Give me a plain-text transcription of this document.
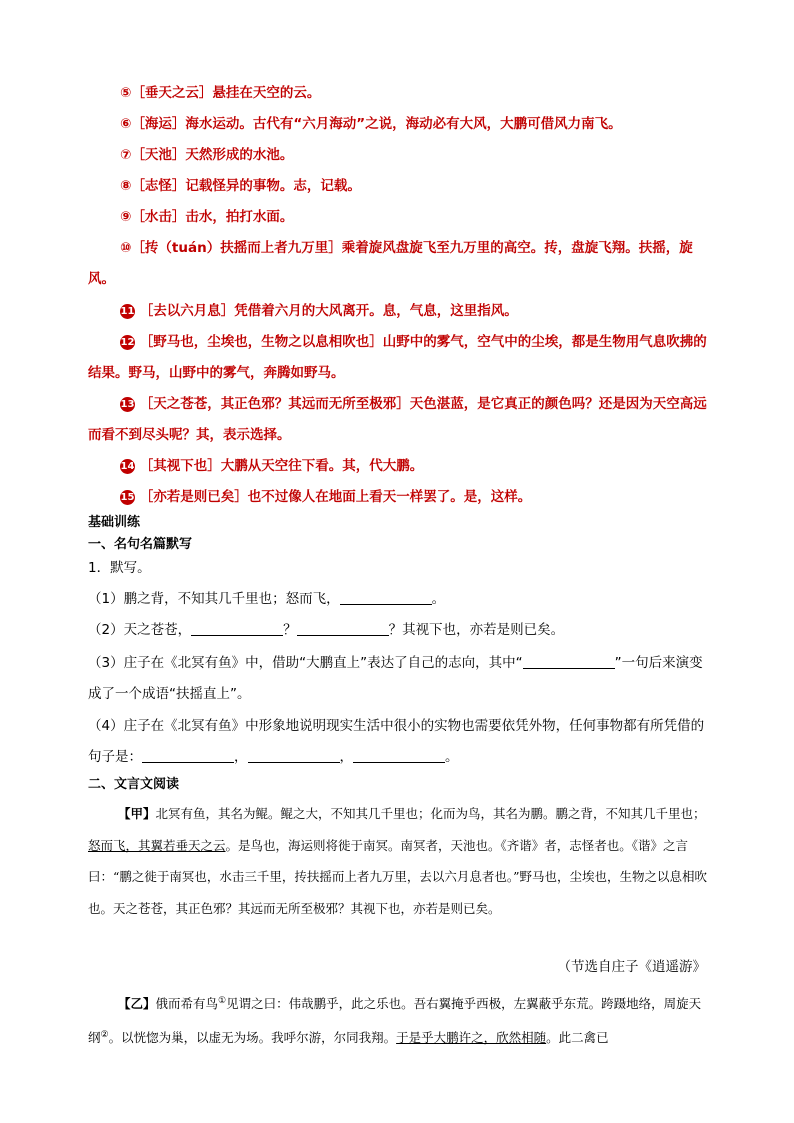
⑤［垂天之云］悬挂在天空的云。
⑥［海运］海水运动。古代有“六月海动”之说，海动必有大风，大鹏可借风力南飞。
⑦［天池］天然形成的水池。
⑧［志怪］记载怪异的事物。志，记载。
⑨［水击］击水，拍打水面。
⑩［抟（tuán）扶摇而上者九万里］乘着旋风盘旋飞至九万里的高空。抟，盘旋飞翔。扶摇，旋风。
11 ［去以六月息］凭借着六月的大风离开。息，气息，这里指风。
12 ［野马也，尘埃也，生物之以息相吹也］山野中的雾气，空气中的尘埃，都是生物用气息吹拂的结果。野马，山野中的雾气，奔腾如野马。
13 ［天之苍苍，其正色邪？其远而无所至极邪］天色湛蓝，是它真正的颜色吗？还是因为天空高远而看不到尽头呢？其，表示选择。
14 ［其视下也］大鹏从天空往下看。其，代大鹏。
15 ［亦若是则已矣］也不过像人在地面上看天一样罢了。是，这样。
基础训练
一、名句名篇默写
1．默写。
（1）鹏之背，不知其几千里也；怒而飞，	。
（2）天之苍苍，	？	？其视下也，亦若是则已矣。
（3）庄子在《北冥有鱼》中，借助“大鹏直上”表达了自己的志向，其中“	”一句后来演变成了一个成语“扶摇直上”。
（4）庄子在《北冥有鱼》中形象地说明现实生活中很小的实物也需要依凭外物，任何事物都有所凭借的句子是：	，	，	。
二、文言文阅读
【甲】北冥有鱼，其名为鲲。鲲之大，不知其几千里也；化而为鸟，其名为鹏。鹏之背，不知其几千里也；怒而飞，其翼若垂天之云。是鸟也，海运则将徙于南冥。南冥者，天池也。《齐谐》者，志怪者也。《谐》之言曰：“鹏之徙于南冥也，水击三千里，抟扶摇而上者九万里，去以六月息者也。”野马也，尘埃也，生物之以息相吹也。天之苍苍，其正色邪？其远而无所至极邪？其视下也，亦若是则已矣。
（节选自庄子《逍遥游》
【乙】俄而希有鸟①见谓之曰：伟哉鹏乎，此之乐也。吾右翼掩乎西极，左翼蔽乎东荒。跨蹑地络，周旋天纲②。以恍惚为巢，以虚无为场。我呼尔游，尔同我翔。于是乎大鹏许之，欣然相随。此二禽已
